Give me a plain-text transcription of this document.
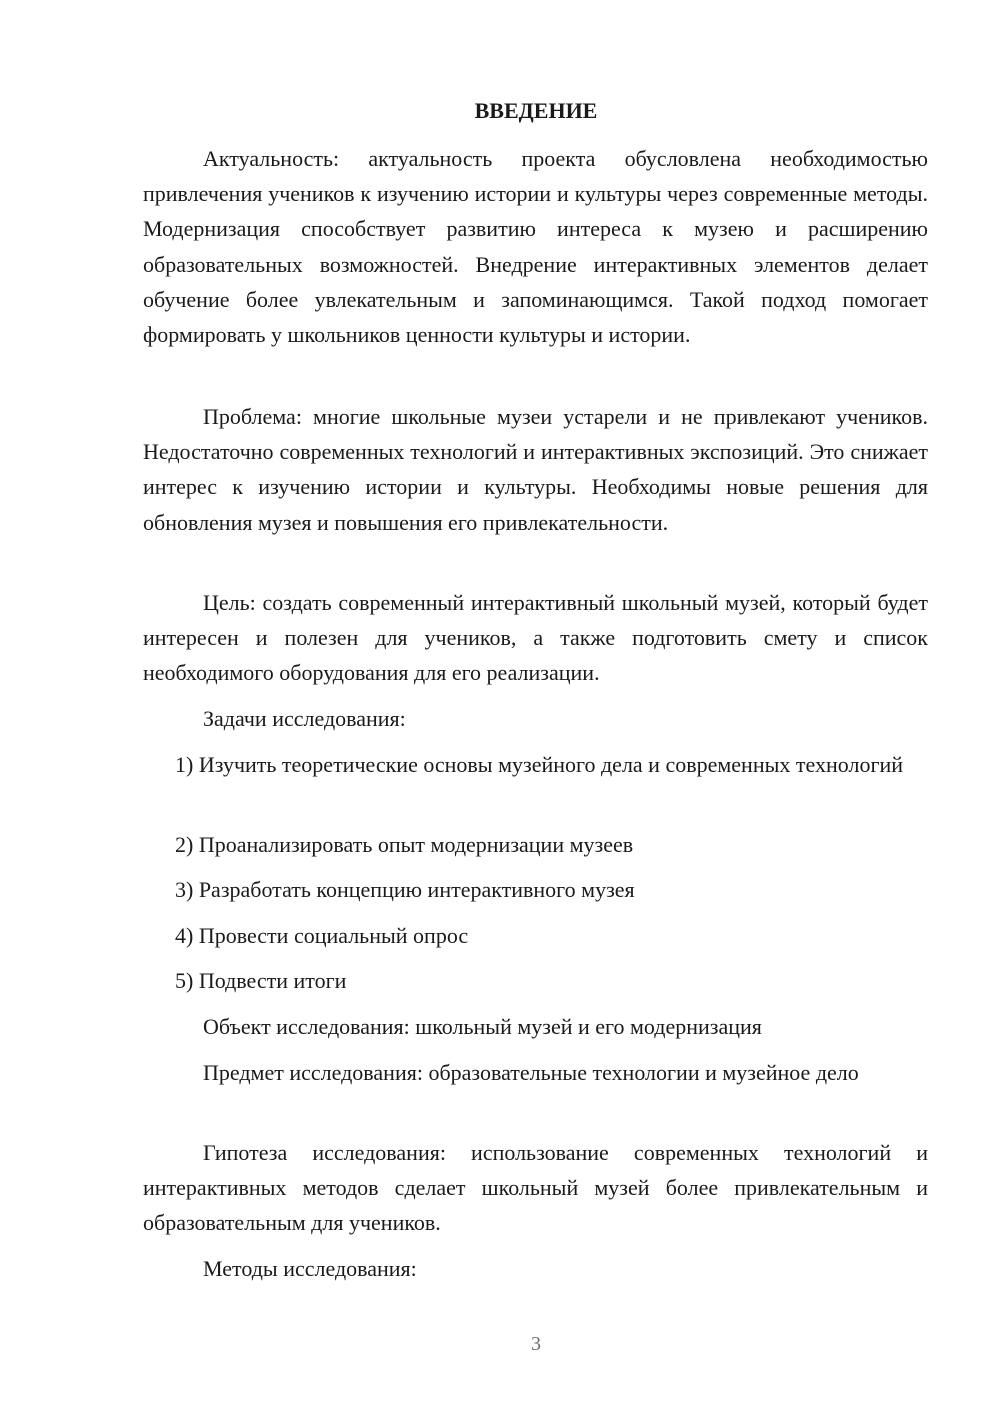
ВВЕДЕНИЕ

Актуальность: актуальность проекта обусловлена необходимостью привлечения учеников к изучению истории и культуры через современные методы. Модернизация способствует развитию интереса к музею и расширению образовательных возможностей. Внедрение интерактивных элементов делает обучение более увлекательным и запоминающимся. Такой подход помогает формировать у школьников ценности культуры и истории.

Проблема: многие школьные музеи устарели и не привлекают учеников. Недостаточно современных технологий и интерактивных экспозиций. Это снижает интерес к изучению истории и культуры. Необходимы новые решения для обновления музея и повышения его привлекательности.

Цель: создать современный интерактивный школьный музей, который будет интересен и полезен для учеников, а также подготовить смету и список необходимого оборудования для его реализации.

Задачи исследования:

1) Изучить теоретические основы музейного дела и современных технологий

2) Проанализировать опыт модернизации музеев

3) Разработать концепцию интерактивного музея

4) Провести социальный опрос

5) Подвести итоги

Объект исследования: школьный музей и его модернизация

Предмет исследования: образовательные технологии и музейное дело

Гипотеза исследования: использование современных технологий и интерактивных методов сделает школьный музей более привлекательным и образовательным для учеников.

Методы исследования:

3
